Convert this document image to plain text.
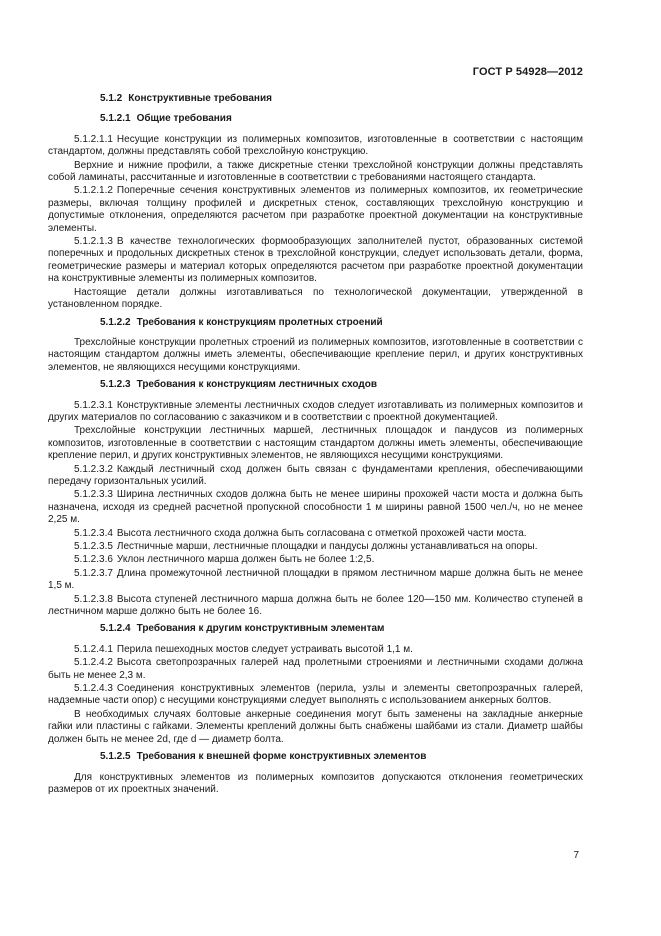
ГОСТ Р 54928—2012
5.1.2 Конструктивные требования
5.1.2.1 Общие требования
5.1.2.1.1 Несущие конструкции из полимерных композитов, изготовленные в соответствии с настоящим стандартом, должны представлять собой трехслойную конструкцию.
Верхние и нижние профили, а также дискретные стенки трехслойной конструкции должны представлять собой ламинаты, рассчитанные и изготовленные в соответствии с требованиями настоящего стандарта.
5.1.2.1.2 Поперечные сечения конструктивных элементов из полимерных композитов, их геометрические размеры, включая толщину профилей и дискретных стенок, составляющих трехслойную конструкцию и допустимые отклонения, определяются расчетом при разработке проектной документации на конструктивные элементы.
5.1.2.1.3 В качестве технологических формообразующих заполнителей пустот, образованных системой поперечных и продольных дискретных стенок в трехслойной конструкции, следует использовать детали, форма, геометрические размеры и материал которых определяются расчетом при разработке проектной документации на конструктивные элементы из полимерных композитов.
Настоящие детали должны изготавливаться по технологической документации, утвержденной в установленном порядке.
5.1.2.2 Требования к конструкциям пролетных строений
Трехслойные конструкции пролетных строений из полимерных композитов, изготовленные в соответствии с настоящим стандартом должны иметь элементы, обеспечивающие крепление перил, и других конструктивных элементов, не являющихся несущими конструкциями.
5.1.2.3 Требования к конструкциям лестничных сходов
5.1.2.3.1 Конструктивные элементы лестничных сходов следует изготавливать из полимерных композитов и других материалов по согласованию с заказчиком и в соответствии с проектной документацией.
Трехслойные конструкции лестничных маршей, лестничных площадок и пандусов из полимерных композитов, изготовленные в соответствии с настоящим стандартом должны иметь элементы, обеспечивающие крепление перил, и других конструктивных элементов, не являющихся несущими конструкциями.
5.1.2.3.2 Каждый лестничный сход должен быть связан с фундаментами крепления, обеспечивающими передачу горизонтальных усилий.
5.1.2.3.3 Ширина лестничных сходов должна быть не менее ширины прохожей части моста и должна быть назначена, исходя из средней расчетной пропускной способности 1 м ширины равной 1500 чел./ч, но не менее 2,25 м.
5.1.2.3.4 Высота лестничного схода должна быть согласована с отметкой прохожей части моста.
5.1.2.3.5 Лестничные марши, лестничные площадки и пандусы должны устанавливаться на опоры.
5.1.2.3.6 Уклон лестничного марша должен быть не более 1:2,5.
5.1.2.3.7 Длина промежуточной лестничной площадки в прямом лестничном марше должна быть не менее 1,5 м.
5.1.2.3.8 Высота ступеней лестничного марша должна быть не более 120—150 мм. Количество ступеней в лестничном марше должно быть не более 16.
5.1.2.4 Требования к другим конструктивным элементам
5.1.2.4.1 Перила пешеходных мостов следует устраивать высотой 1,1 м.
5.1.2.4.2 Высота светопрозрачных галерей над пролетными строениями и лестничными сходами должна быть не менее 2,3 м.
5.1.2.4.3 Соединения конструктивных элементов (перила, узлы и элементы светопрозрачных галерей, надземные части опор) с несущими конструкциями следует выполнять с использованием анкерных болтов.
В необходимых случаях болтовые анкерные соединения могут быть заменены на закладные анкерные гайки или пластины с гайками. Элементы креплений должны быть снабжены шайбами из стали. Диаметр шайбы должен быть не менее 2d, где d — диаметр болта.
5.1.2.5 Требования к внешней форме конструктивных элементов
Для конструктивных элементов из полимерных композитов допускаются отклонения геометрических размеров от их проектных значений.
7
